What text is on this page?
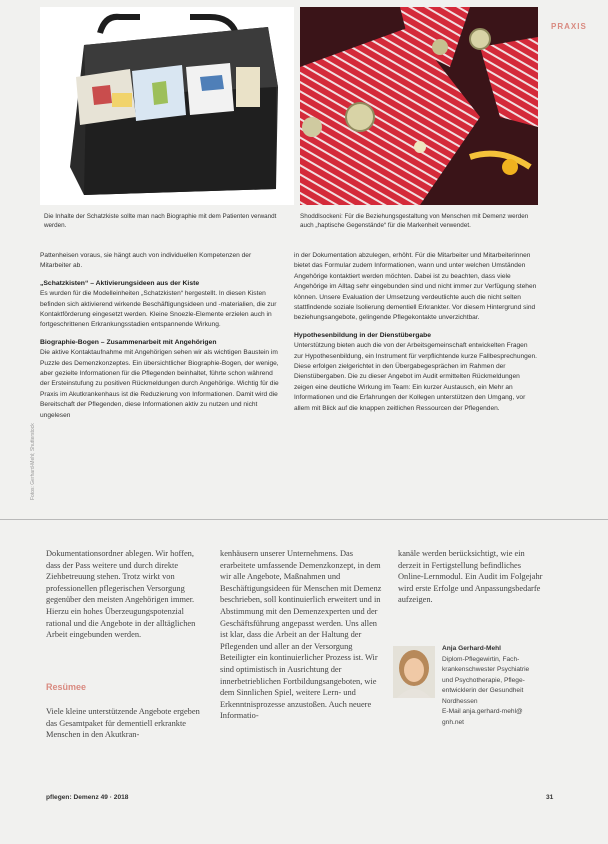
PRAXIS
Die Inhalte der Schatzkiste sollte man nach Biographie mit dem Patienten verwandt werden.
Shoddlsockeni: Für die Beziehungsgestaltung von Menschen mit Demenz werden auch „haptische Gegenstände“ für die Markenheit verwendet.
Fotos: Gerhard-Mehl; Shutterstock

Pattenheisen voraus, sie hängt auch von individuellen Kompetenzen der Mitarbeiter ab.

„Schatzkisten“ – Aktivierungsideen aus der Kiste

Es wurden für die Modelleinheiten „Schatzkisten“ hergestellt. In diesen Kisten befinden sich aktivierend wirkende Beschäftigungsideen und -materialien, die zur Kontaktförderung eingesetzt werden. Kleine Snoezle-Elemente erzielen auch in fortgeschrittenen Erkrankungsstadien entspannende Wirkung.

Biographie-Bogen – Zusammenarbeit mit Angehörigen

Die aktive Kontaktaufnahme mit Angehörigen sehen wir als wichtigen Baustein im Puzzle des Demenzkonzeptes. Ein übersichtlicher Biographie-Bogen, der wenige, aber gezielte Informationen für die Pflegenden beinhaltet, führte schon während der Ersteinstufung zu positiven Rückmeldungen durch Angehörige. Wichtig für die Praxis im Akutkrankenhaus ist die Reduzierung von Informationen. Damit wird die Bereitschaft der Pflegenden, diese Informationen aktiv zu nutzen und nicht ungelesen

in der Dokumentation abzulegen, erhöht. Für die Mitarbeiter und Mitarbeiterinnen bietet das Formular zudem Informationen, wann und unter welchen Umständen Angehörige kontaktiert werden möchten. Dabei ist zu beachten, dass viele Angehörige im Alltag sehr eingebunden sind und nicht immer zur Verfügung stehen können. Unsere Evaluation der Umsetzung verdeutlichte auch die nicht selten stattfindende soziale Isolierung dementiell Erkrankter. Vor diesem Hintergrund sind beziehungsangebote, gelingende Pflegekontakte unverzichtbar.

Hypothesenbildung in der Dienstübergabe

Unterstützung bieten auch die von der Arbeitsgemeinschaft entwickelten Fragen zur Hypothesenbildung, ein Instrument für verpflichtende kurze Fallbesprechungen. Diese erfolgen zielgerichtet in den Übergabegesprächen im Rahmen der Dienstübergaben. Die zu dieser Angebot im Audit ermittelten Rückmeldungen zeigen eine deutliche Wirkung im Team: Ein kurzer Austausch, ein Mehr an Informationen und die Erfahrungen der Kollegen unterstützen den Umgang, vor allem mit Blick auf die knappen zeitlichen Ressourcen der Pflegenden.

Dokumentationsordner ablegen. Wir hoffen, dass der Pass weitere und durch direkte Ziehbetreuung stehen. Trotz wirkt von professionellen pflegerischen Versorgung gegenüber den meisten Angehörigen immer. Hierzu ein hohes Überzeugungspotenzial rational und die Angebote in der alltäglichen Arbeit eingebunden werden.

Resümee
Viele kleine unterstützende Angebote ergeben das Gesamtpaket für dementiell erkrankte Menschen in den Akutkran-

kenhäusern unserer Unternehmens. Das erarbeitete umfassende Demenzkonzept, in dem wir alle Angebote, Maßnahmen und Beschäftigungsideen für Menschen mit Demenz beschrieben, soll kontinuierlich erweitert und in Abstimmung mit den Demenzexperten und der Geschäftsführung angepasst werden. Uns allen ist klar, dass die Arbeit an der Haltung der Pflegenden und aller an der Versorgung Beteiligter ein kontinuierlicher Prozess ist. Wir sind optimistisch in Ausrichtung der innerbetrieblichen Fortbildungsangeboten, wie dem Sinnlichen Spiel, weitere Lern- und Erkenntnisprozesse anzustoßen. Auch neuere Informatio-

kanäle werden berücksichtigt, wie ein derzeit in Fertigstellung befindliches Online-Lernmodul. Ein Audit im Folgejahr wird erste Erfolge und Anpassungsbedarfe aufzeigen.

Anja Gerhard-Mehl
Diplom-Pflegewirtin, Fach-
krankenschwester Psychiatrie
und Psychotherapie, Pflege-
entwicklerin der Gesundheit
Nordhessen
E-Mail anja.gerhard-mehl@
gnh.net
pflegen: Demenz 49 · 2018	31
